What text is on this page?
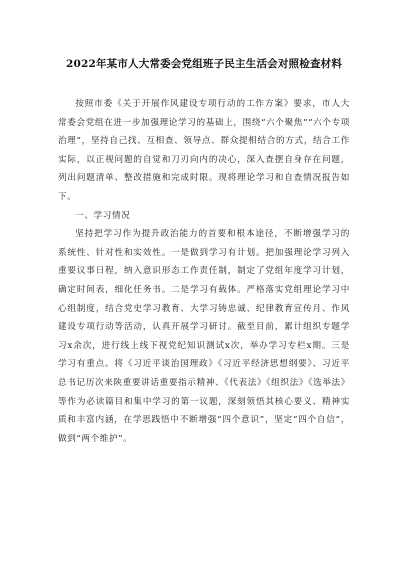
2022年某市人大常委会党组班子民主生活会对照检查材料

按照市委《关于开展作风建设专项行动的工作方案》要求，市人大常委会党组在进一步加强理论学习的基础上，围绕“六个聚焦”“六个专项治理”，坚持自己找、互相查、领导点、群众提相结合的方式，结合工作实际，以正视问题的自觉和刀刃向内的决心，深入查摆自身存在问题，列出问题清单、整改措施和完成时限。现将理论学习和自查情况报告如下。

一、学习情况

坚持把学习作为提升政治能力的首要和根本途径，不断增强学习的系统性、针对性和实效性。一是做到学习有计划。把加强理论学习列入重要议事日程，纳入意识形态工作责任制，制定了党组年度学习计划，确定时间表，细化任务书。二是学习有载体。严格落实党组理论学习中心组制度，结合党史学习教育、大学习铸忠诚、纪律教育宣传月、作风建设专项行动等活动，认真开展学习研讨。截至目前，累计组织专题学习x余次，进行线上线下视党纪知识测试x次，举办学习专栏x期。三是学习有重点。将《习近平谈治国理政》《习近平经济思想纲要》、习近平总书记历次来陕重要讲话重要指示精神、《代表法》《组织法》《选举法》等作为必读篇目和集中学习的第一议题，深刻领悟其核心要义、精神实质和丰富内涵，在学思践悟中不断增强“四个意识”，坚定“四个自信”，做到“两个维护”。
